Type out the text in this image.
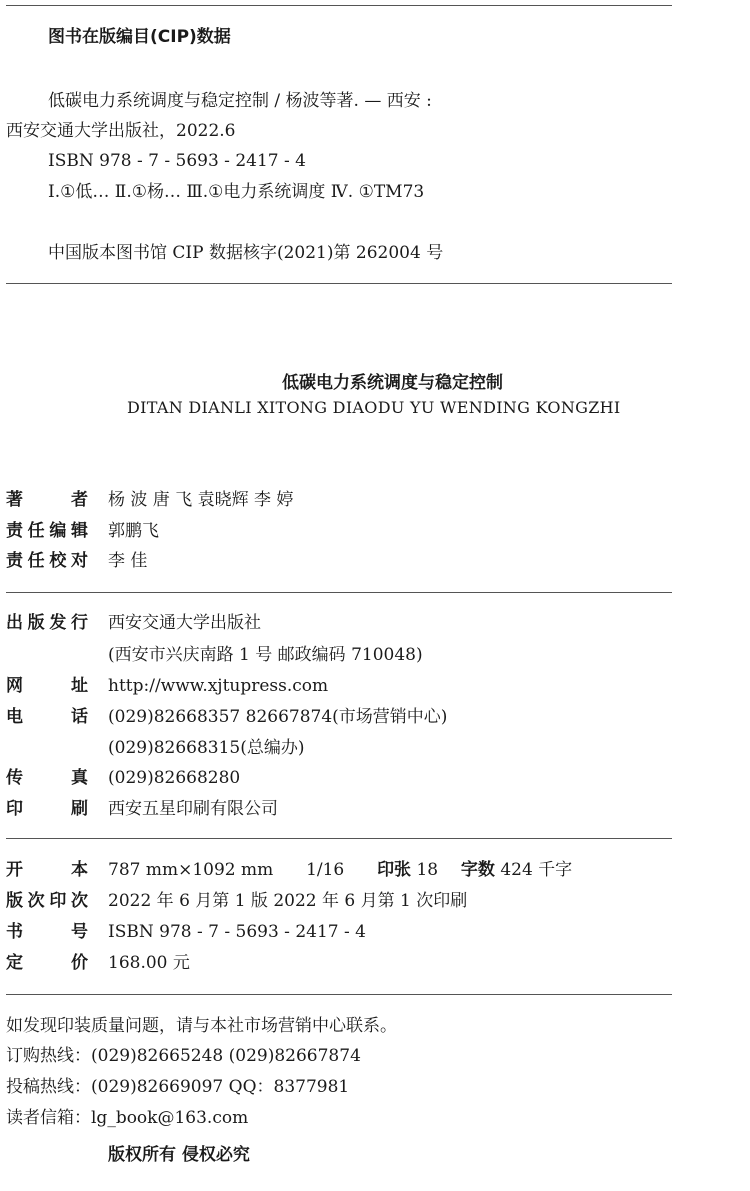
图书在版编目(CIP)数据
低碳电力系统调度与稳定控制 / 杨波等著. — 西安 :
西安交通大学出版社，2022.6
ISBN 978 - 7 - 5693 - 2417 - 4
Ⅰ.①低… Ⅱ.①杨… Ⅲ.①电力系统调度 Ⅳ. ①TM73
中国版本图书馆 CIP 数据核字(2021)第 262004 号
低碳电力系统调度与稳定控制
DITAN DIANLI XITONG DIAODU YU WENDING KONGZHI
著	者 杨 波 唐 飞 袁晓辉 李 婷
责 任 编 辑 郭鹏飞
责 任 校 对 李 佳
出 版 发 行 西安交通大学出版社
(西安市兴庆南路 1 号 邮政编码 710048)
网	址 http://www.xjtupress.com
电	话 (029)82668357 82667874(市场营销中心)
(029)82668315(总编办)
传	真 (029)82668280
印	刷 西安五星印刷有限公司
开	本 787 mm×1092 mm 1/16 印张 18 字数 424 千字
版 次 印 次 2022 年 6 月第 1 版 2022 年 6 月第 1 次印刷
书	号 ISBN 978 - 7 - 5693 - 2417 - 4
定	价 168.00 元
如发现印装质量问题，请与本社市场营销中心联系。
订购热线：(029)82665248 (029)82667874
投稿热线：(029)82669097 QQ：8377981
读者信箱：lg_book@163.com
版权所有 侵权必究
